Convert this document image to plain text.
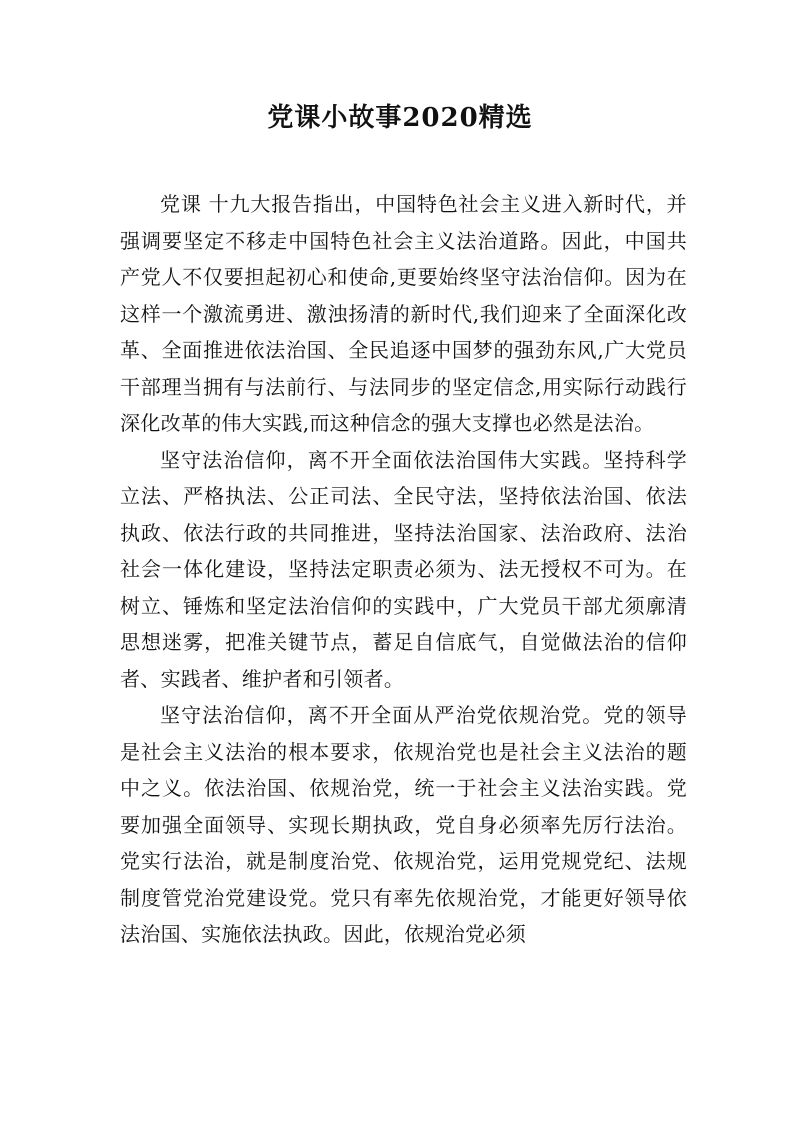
党课小故事2020精选

党课 十九大报告指出，中国特色社会主义进入新时代，并强调要坚定不移走中国特色社会主义法治道路。因此，中国共产党人不仅要担起初心和使命,更要始终坚守法治信仰。因为在这样一个激流勇进、激浊扬清的新时代,我们迎来了全面深化改革、全面推进依法治国、全民追逐中国梦的强劲东风,广大党员干部理当拥有与法前行、与法同步的坚定信念,用实际行动践行深化改革的伟大实践,而这种信念的强大支撑也必然是法治。

坚守法治信仰，离不开全面依法治国伟大实践。坚持科学立法、严格执法、公正司法、全民守法，坚持依法治国、依法执政、依法行政的共同推进，坚持法治国家、法治政府、法治社会一体化建设，坚持法定职责必须为、法无授权不可为。在树立、锤炼和坚定法治信仰的实践中，广大党员干部尤须廓清思想迷雾，把准关键节点，蓄足自信底气，自觉做法治的信仰者、实践者、维护者和引领者。

坚守法治信仰，离不开全面从严治党依规治党。党的领导是社会主义法治的根本要求，依规治党也是社会主义法治的题中之义。依法治国、依规治党，统一于社会主义法治实践。党要加强全面领导、实现长期执政，党自身必须率先厉行法治。党实行法治，就是制度治党、依规治党，运用党规党纪、法规制度管党治党建设党。党只有率先依规治党，才能更好领导依法治国、实施依法执政。因此，依规治党必须
